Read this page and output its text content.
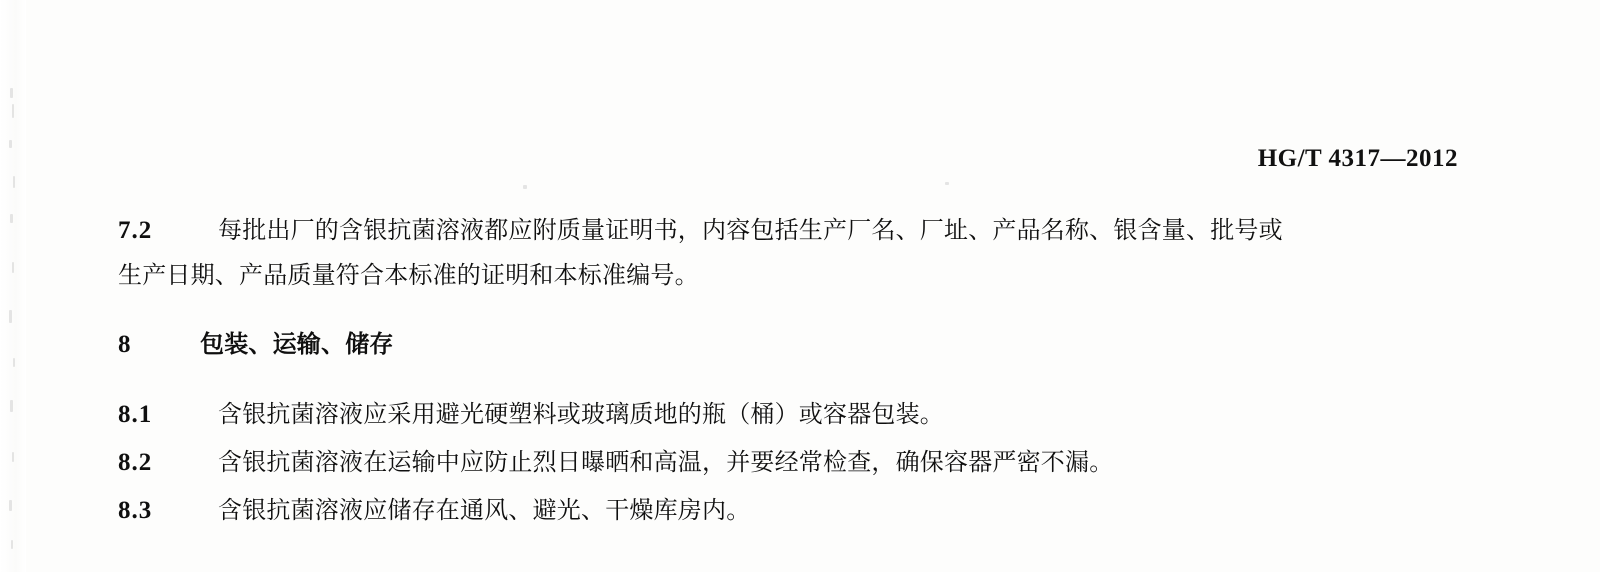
HG/T 4317—2012
7.2	每批出厂的含银抗菌溶液都应附质量证明书，内容包括生产厂名、厂址、产品名称、银含量、批号或
生产日期、产品质量符合本标准的证明和本标准编号。
8	包装、运输、储存
8.1	含银抗菌溶液应采用避光硬塑料或玻璃质地的瓶（桶）或容器包装。
8.2	含银抗菌溶液在运输中应防止烈日曝晒和高温，并要经常检查，确保容器严密不漏。
8.3	含银抗菌溶液应储存在通风、避光、干燥库房内。
